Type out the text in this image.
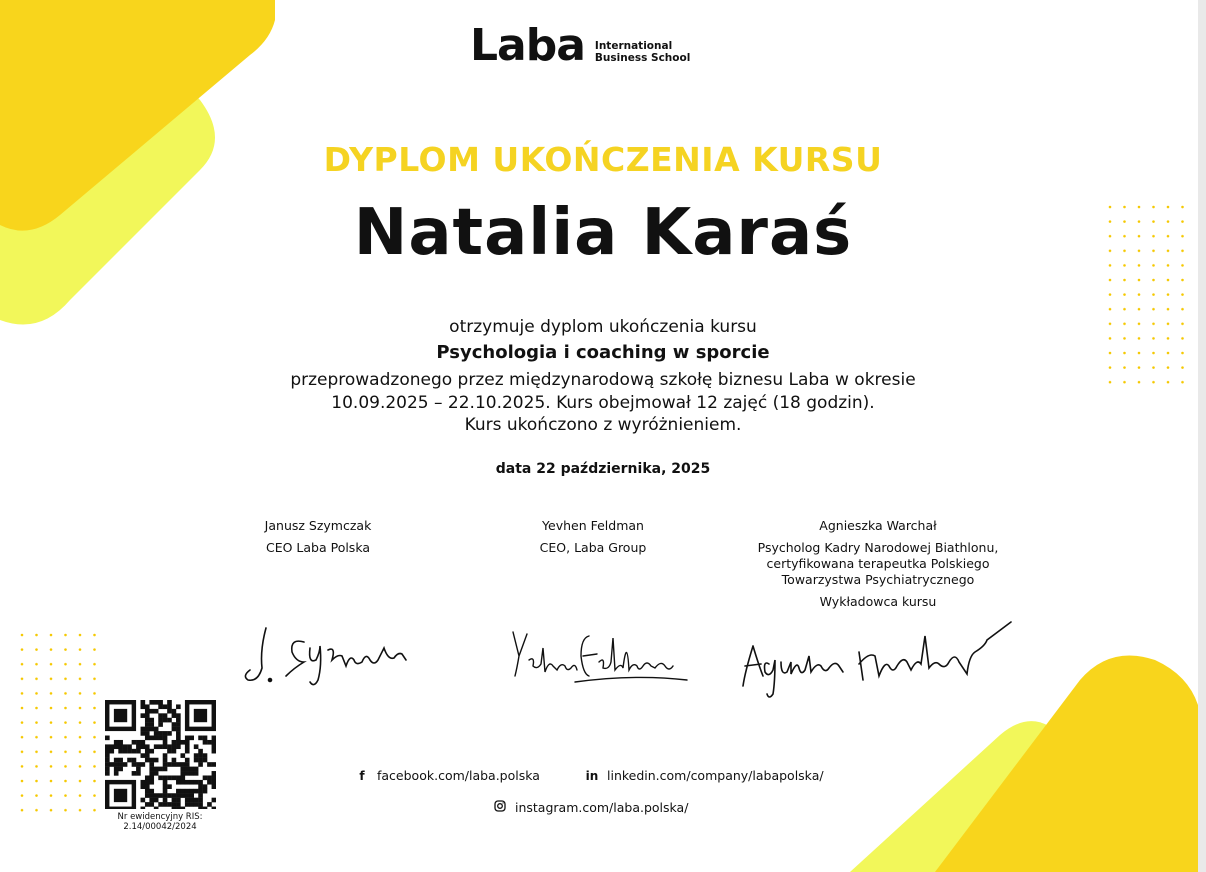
Laba International
Business School
DYPLOM UKOŃCZENIA KURSU
Natalia Karaś
otrzymuje dyplom ukończenia kursu
Psychologia i coaching w sporcie
przeprowadzonego przez międzynarodową szkołę biznesu Laba w okresie
10.09.2025 – 22.10.2025. Kurs obejmował 12 zajęć (18 godzin).
Kurs ukończono z wyróżnieniem.
data 22 października, 2025
Janusz Szymczak
CEO Laba Polska
Yevhen Feldman
CEO, Laba Group
Agnieszka Warchał
Psycholog Kadry Narodowej Biathlonu,
certyfikowana terapeutka Polskiego
Towarzystwa Psychiatrycznego
Wykładowca kursu
Nr ewidencyjny RIS:
2.14/00042/2024
f facebook.com/laba.polska	in linkedin.com/company/labapolska/
instagram.com/laba.polska/
